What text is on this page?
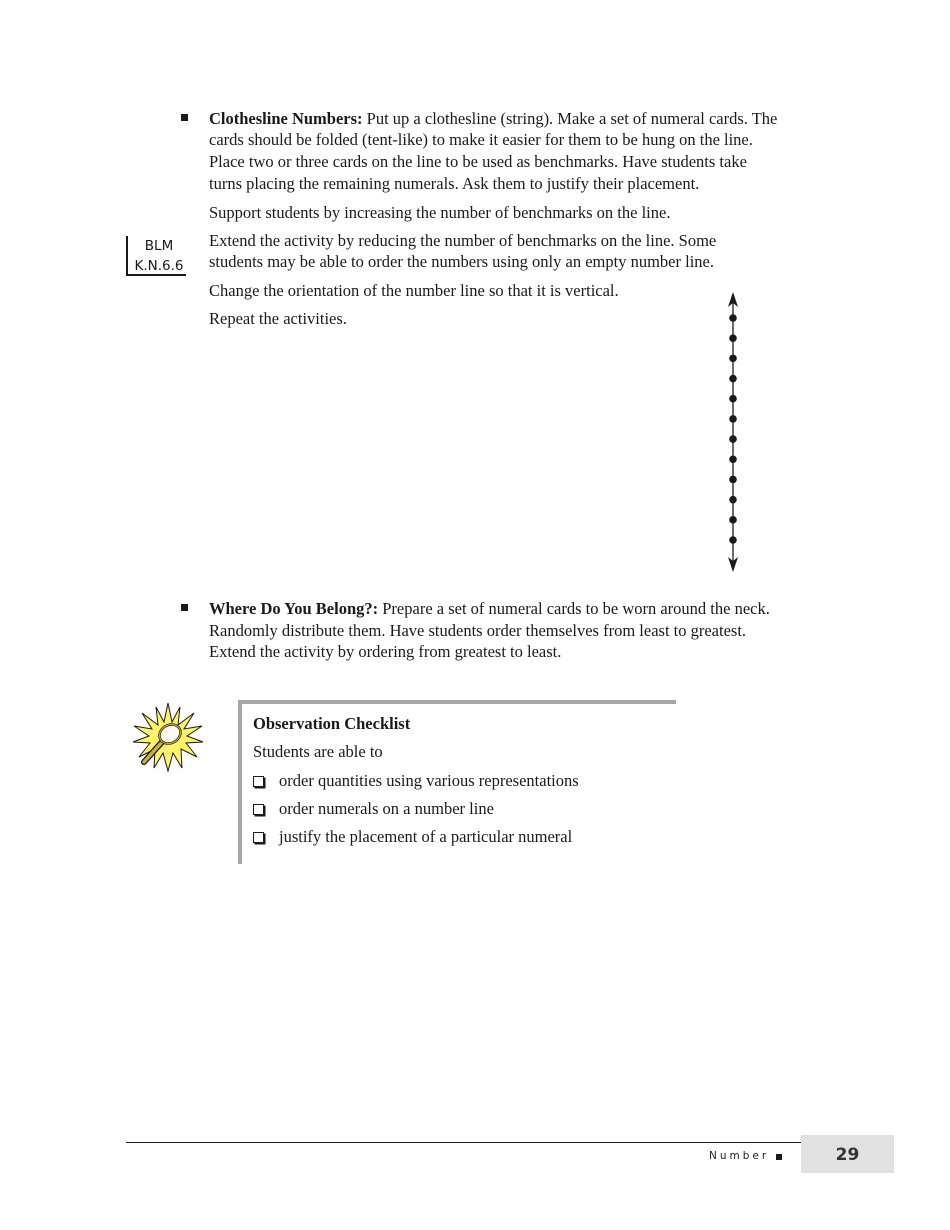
Clothesline Numbers: Put up a clothesline (string). Make a set of numeral cards. The

cards should be folded (tent-like) to make it easier for them to be hung on the line.

Place two or three cards on the line to be used as benchmarks. Have students take

turns placing the remaining numerals. Ask them to justify their placement.

Support students by increasing the number of benchmarks on the line.

BLM
K.N.6.6

Extend the activity by reducing the number of benchmarks on the line. Some

students may be able to order the numbers using only an empty number line.

Change the orientation of the number line so that it is vertical.

Repeat the activities.

Where Do You Belong?: Prepare a set of numeral cards to be worn around the neck.

Randomly distribute them. Have students order themselves from least to greatest.

Extend the activity by ordering from greatest to least.

Observation Checklist
Students are able to
order quantities using various representations
order numerals on a number line
justify the placement of a particular numeral
Number	29
